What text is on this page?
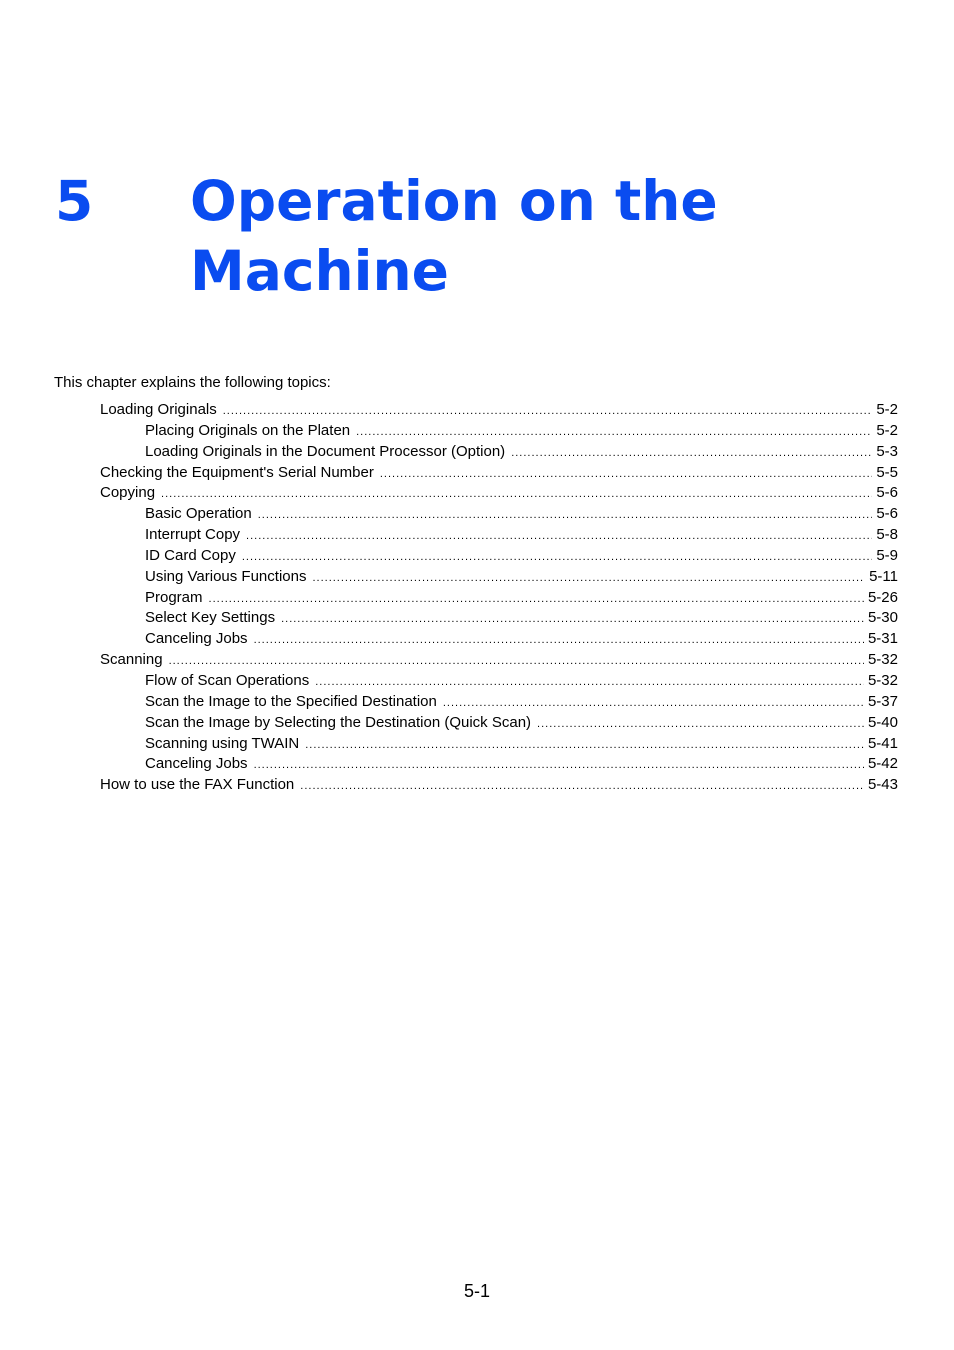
5 Operation on the
Machine
This chapter explains the following topics:
Loading Originals .....	5-2
Placing Originals on the Platen .....	5-2
Loading Originals in the Document Processor (Option) .....	5-3
Checking the Equipment's Serial Number .....	5-5
Copying .....	5-6
Basic Operation .....	5-6
Interrupt Copy .....	5-8
ID Card Copy .....	5-9
Using Various Functions .....	5-11
Program .....	5-26
Select Key Settings .....	5-30
Canceling Jobs .....	5-31
Scanning .....	5-32
Flow of Scan Operations .....	5-32
Scan the Image to the Specified Destination .....	5-37
Scan the Image by Selecting the Destination (Quick Scan) .....	5-40
Scanning using TWAIN .....	5-41
Canceling Jobs .....	5-42
How to use the FAX Function .....	5-43
5-1
